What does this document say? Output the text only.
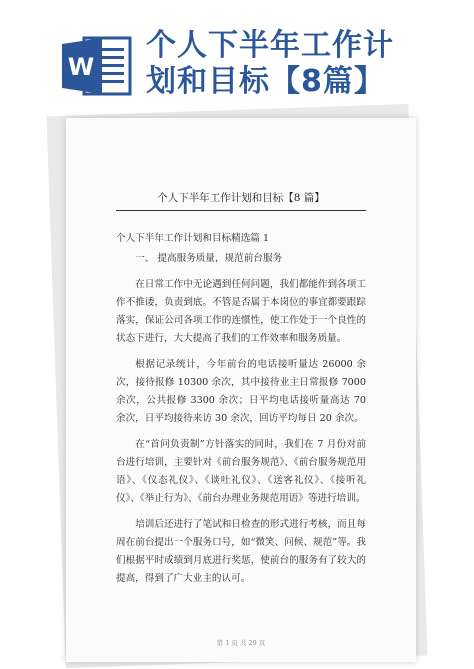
W
个人下半年工作计
划和目标【8篇】
个人下半年工作计划和目标【8 篇】

个人下半年工作计划和目标精选篇 1

一、 提高服务质量，规范前台服务

在日常工作中无论遇到任何问题，我们都能作到各项工作不推诿，负责到底。不管是否属于本岗位的事宜都要跟踪落实，保证公司各项工作的连惯性，使工作处于一个良性的状态下进行，大大提高了我们的工作效率和服务质量。

根据记录统计，今年前台的电话接听量达 26000 余次，接待报修 10300 余次，其中接待业主日常报修 7000 余次，公共报修 3300 余次；日平均电话接听量高达 70 余次，日平均接待来访 30 余次，回访平均每日 20 余次。

在“首问负责制”方针落实的同时，我们在 7 月份对前台进行培训，主要针对《前台服务规范》、《前台服务规范用语》、《仪态礼仪》、《谈吐礼仪》、《送客礼仪》、《接听礼仪》、《举止行为》、《前台办理业务规范用语》等进行培训。

培训后还进行了笔试和日检查的形式进行考核，而且每周在前台提出一个服务口号，如“微笑、问候、规范”等。我们根据平时成绩到月底进行奖惩，使前台的服务有了较大的提高，得到了广大业主的认可。

第 1 页 共 29 页
